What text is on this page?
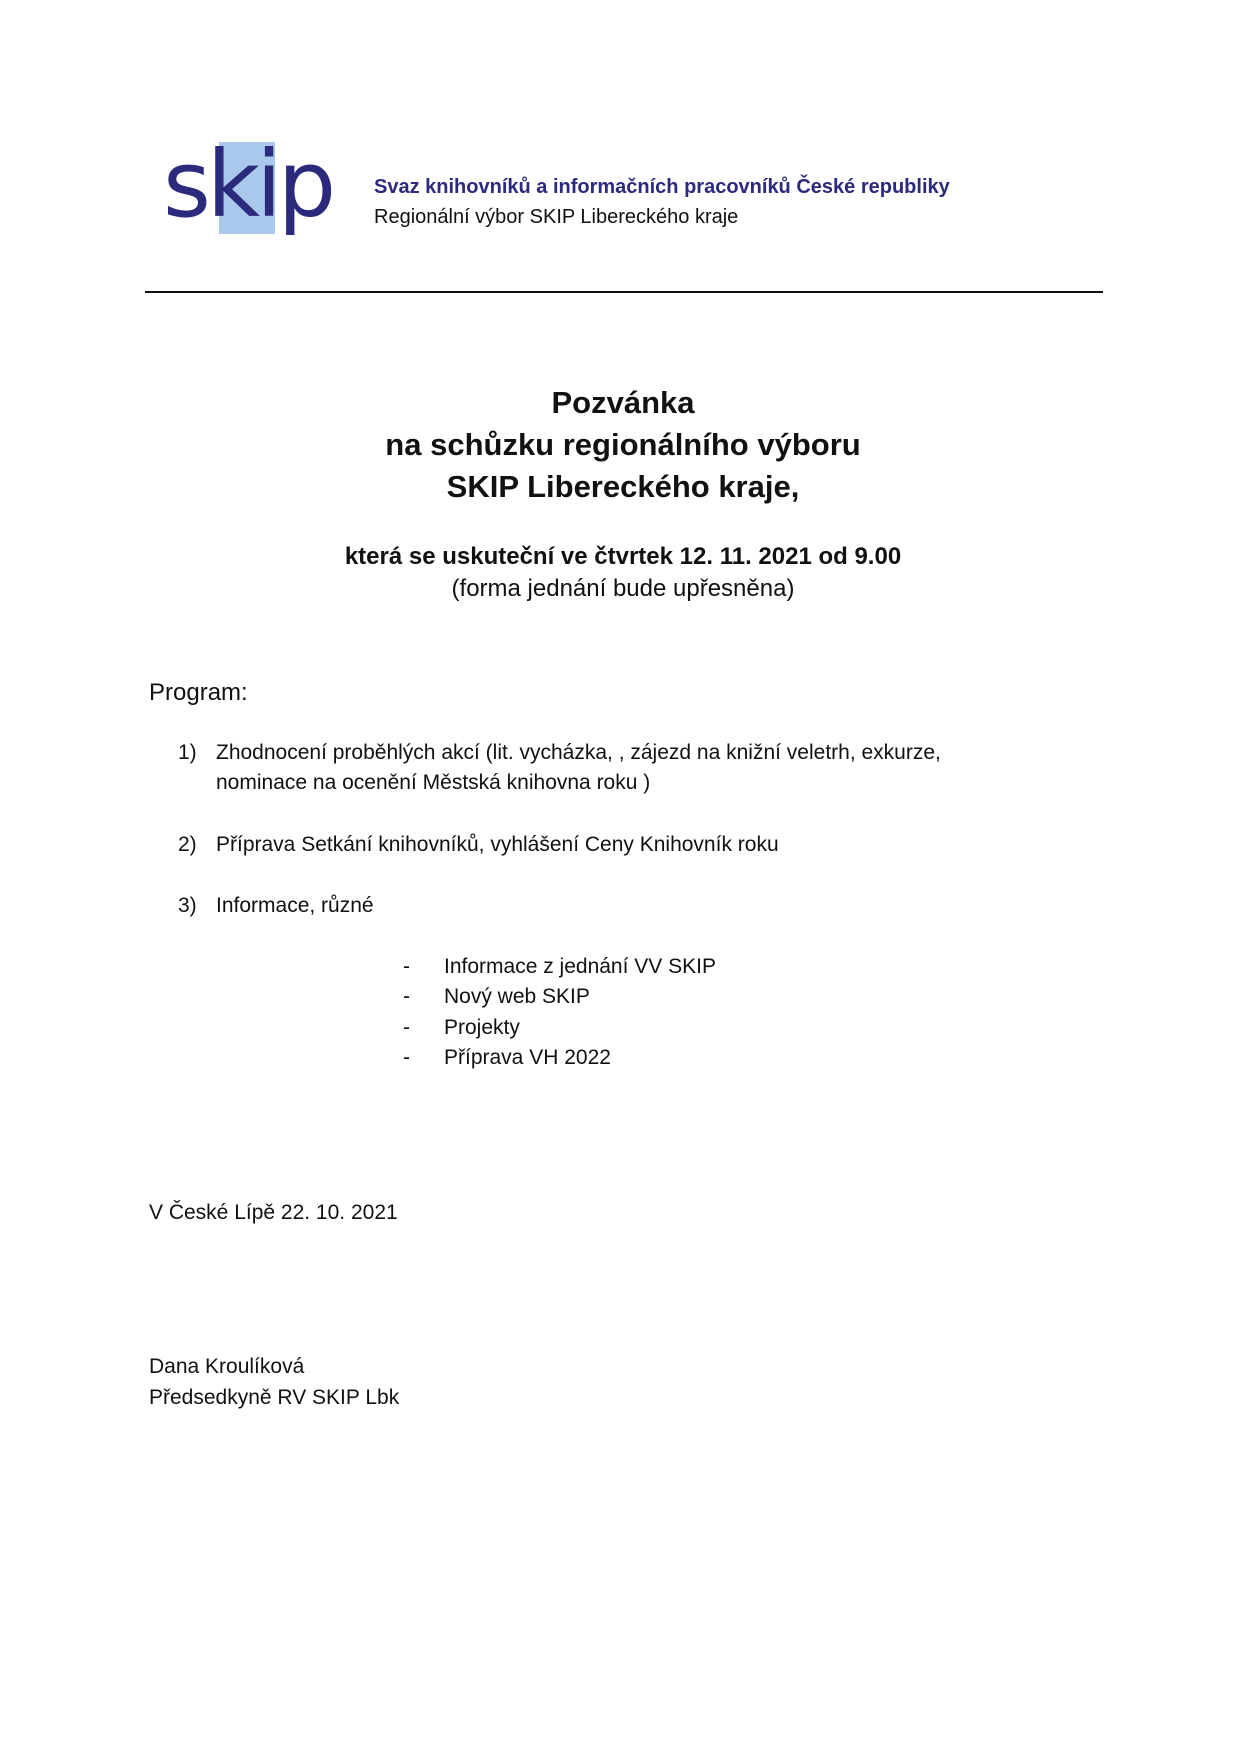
skip Svaz knihovníků a informačních pracovníků České republiky
Regionální výbor SKIP Libereckého kraje
Pozvánka
na schůzku regionálního výboru
SKIP Libereckého kraje,
která se uskuteční ve čtvrtek 12. 11. 2021 od 9.00
(forma jednání bude upřesněna)
Program:
1) Zhodnocení proběhlých akcí (lit. vycházka, , zájezd na knižní veletrh, exkurze,
nominace na ocenění Městská knihovna roku )
2) Příprava Setkání knihovníků, vyhlášení Ceny Knihovník roku
3) Informace, různé
- Informace z jednání VV SKIP
- Nový web SKIP
- Projekty
- Příprava VH 2022
V České Lípě 22. 10. 2021
Dana Kroulíková
Předsedkyně RV SKIP Lbk
